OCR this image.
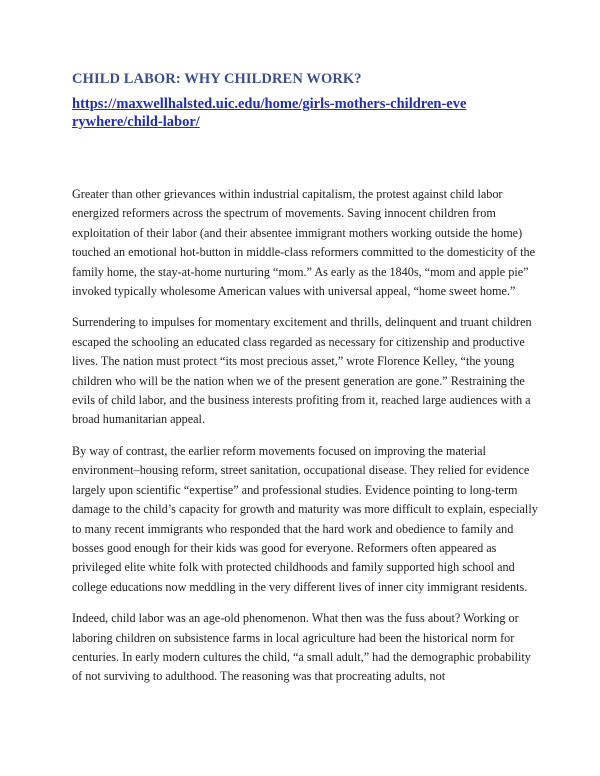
CHILD LABOR: WHY CHILDREN WORK?
https://maxwellhalsted.uic.edu/home/girls-mothers-children-everywhere/child-labor/

Greater than other grievances within industrial capitalism, the protest against child labor energized reformers across the spectrum of movements. Saving innocent children from exploitation of their labor (and their absentee immigrant mothers working outside the home) touched an emotional hot-button in middle-class reformers committed to the domesticity of the family home, the stay-at-home nurturing “mom.” As early as the 1840s, “mom and apple pie” invoked typically wholesome American values with universal appeal, “home sweet home.”

Surrendering to impulses for momentary excitement and thrills, delinquent and truant children escaped the schooling an educated class regarded as necessary for citizenship and productive lives. The nation must protect “its most precious asset,” wrote Florence Kelley, “the young children who will be the nation when we of the present generation are gone.” Restraining the evils of child labor, and the business interests profiting from it, reached large audiences with a broad humanitarian appeal.

By way of contrast, the earlier reform movements focused on improving the material environment–housing reform, street sanitation, occupational disease. They relied for evidence largely upon scientific “expertise” and professional studies. Evidence pointing to long-term damage to the child’s capacity for growth and maturity was more difficult to explain, especially to many recent immigrants who responded that the hard work and obedience to family and bosses good enough for their kids was good for everyone. Reformers often appeared as privileged elite white folk with protected childhoods and family supported high school and college educations now meddling in the very different lives of inner city immigrant residents.

Indeed, child labor was an age-old phenomenon. What then was the fuss about? Working or laboring children on subsistence farms in local agriculture had been the historical norm for centuries. In early modern cultures the child, “a small adult,” had the demographic probability of not surviving to adulthood. The reasoning was that procreating adults, not
